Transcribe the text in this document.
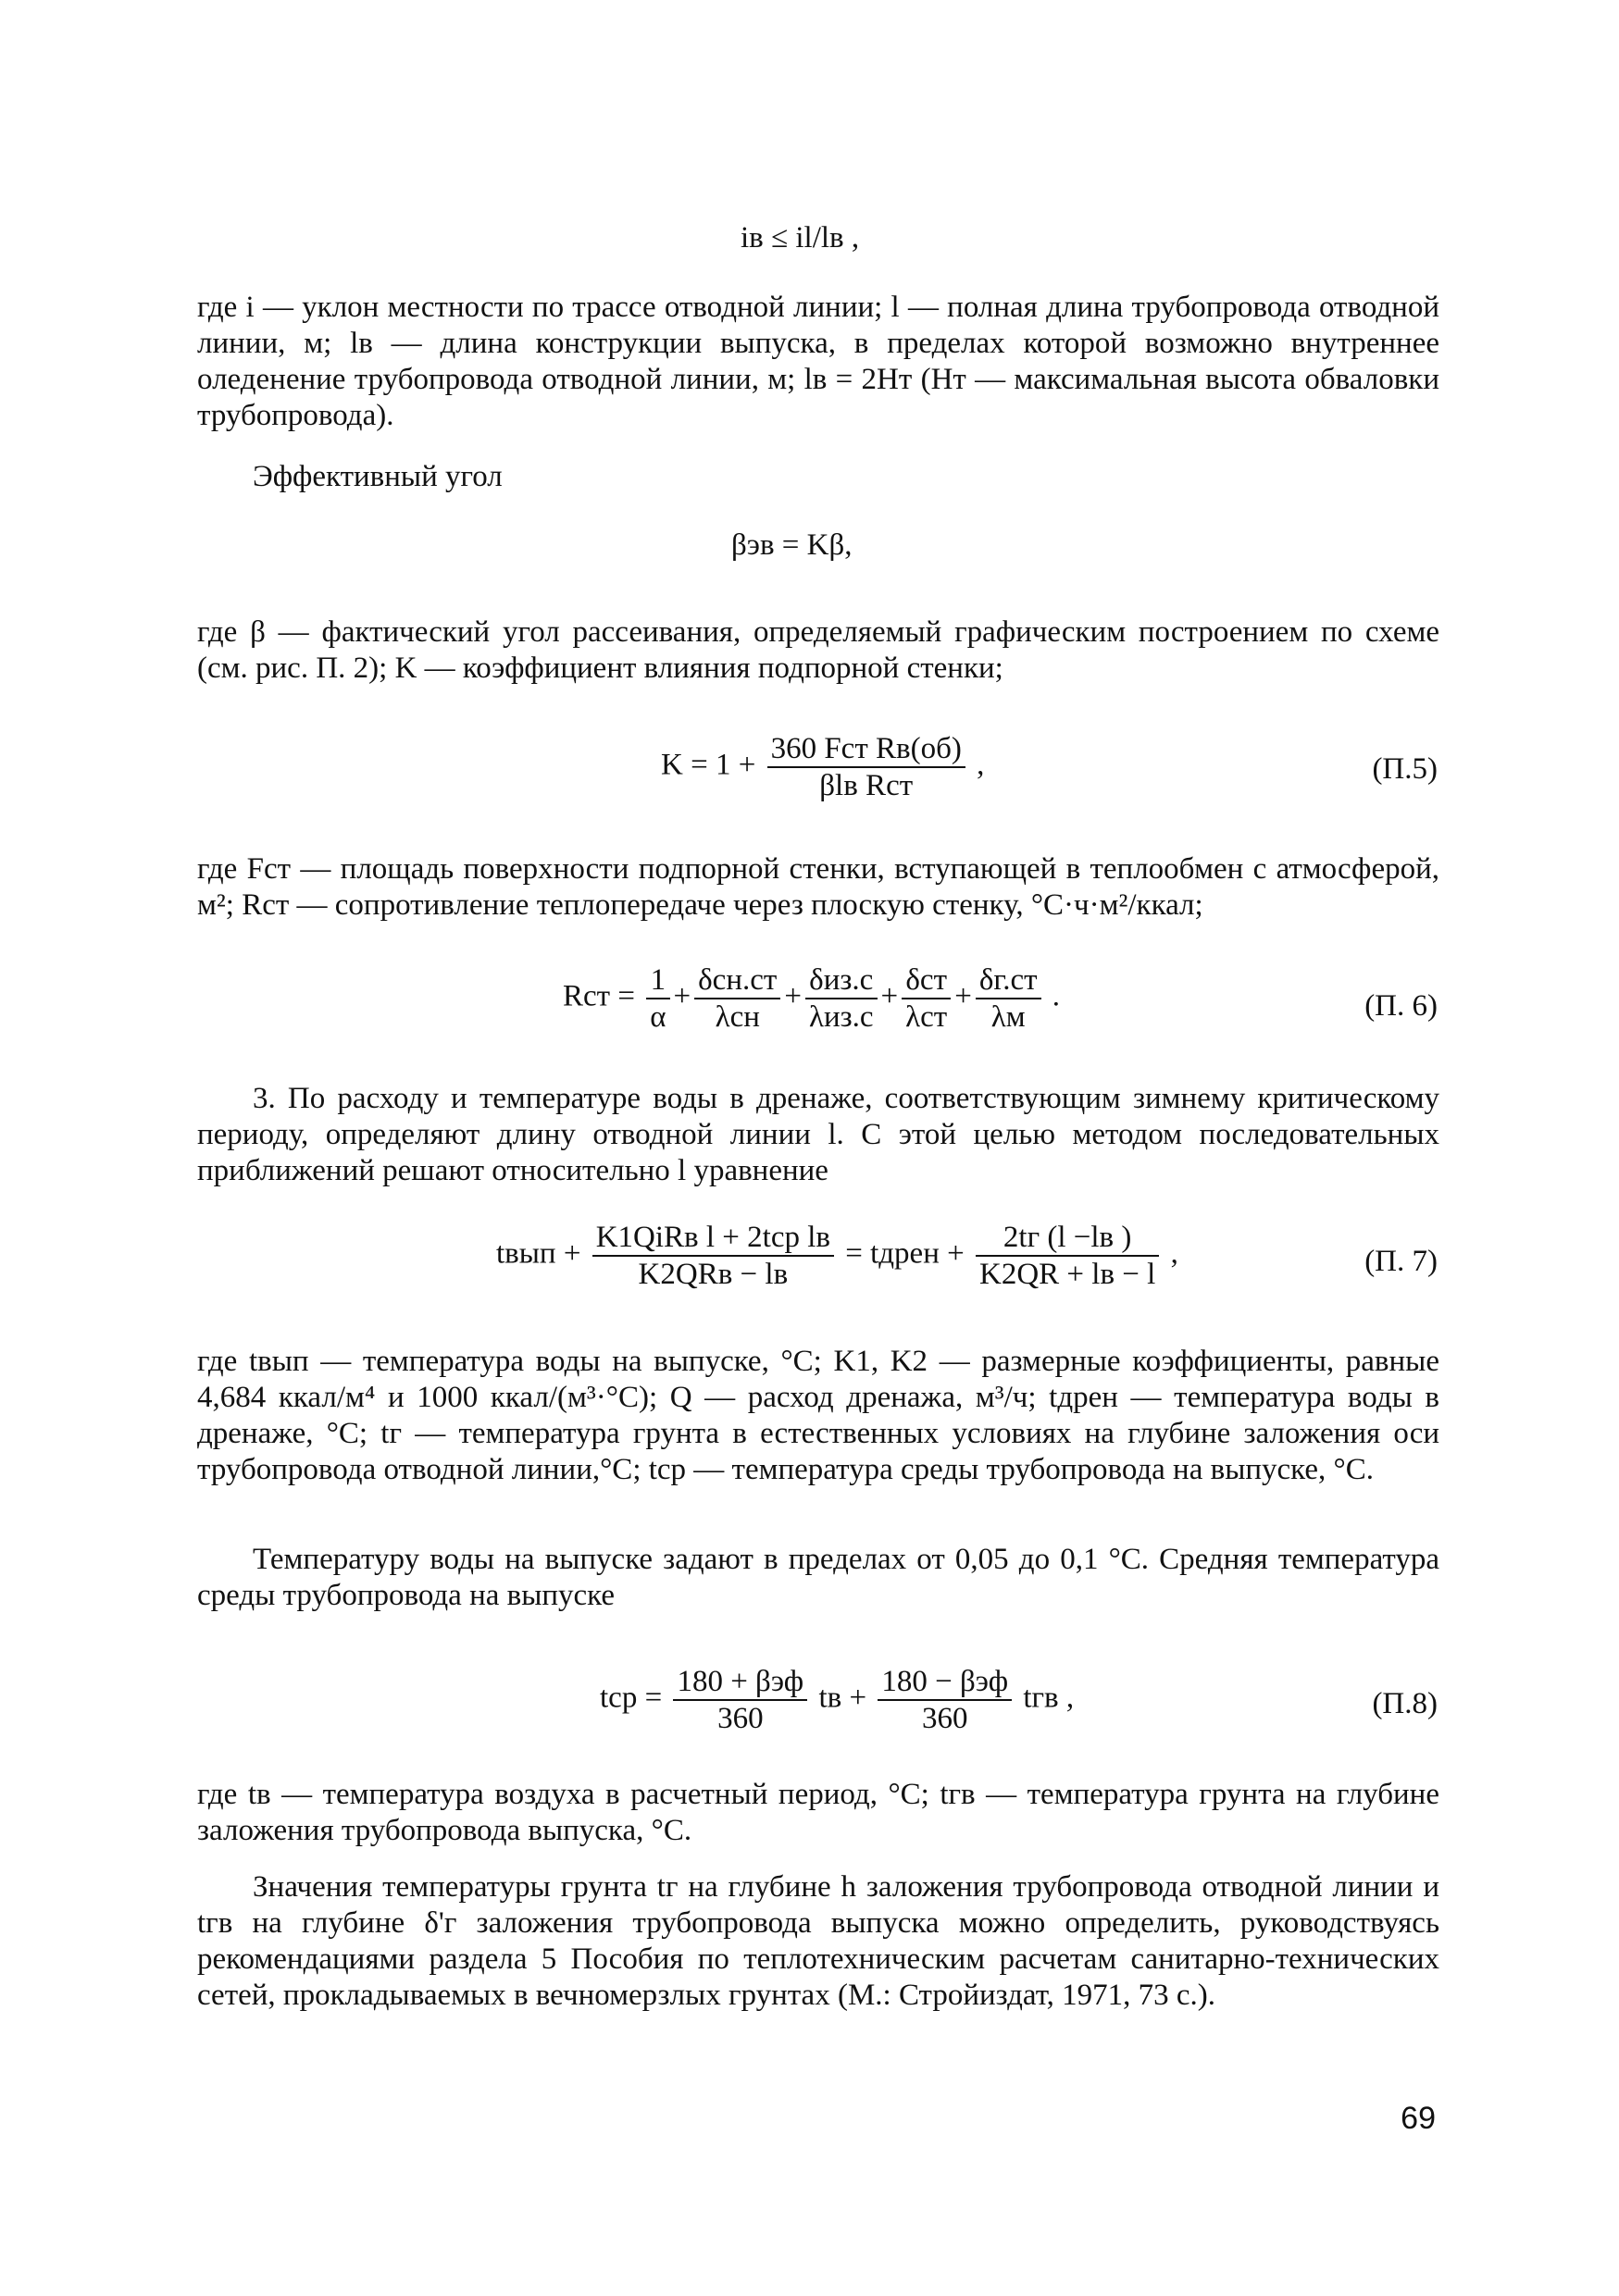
iв ≤ il/lв ,
где i — уклон местности по трассе отводной линии; l — полная длина трубопровода отводной линии, м; lв — длина конструкции выпуска, в пределах которой возможно внутреннее оледенение трубопровода отводной линии, м; lв = 2Hт (Hт — максимальная высота обваловки трубопровода).
Эффективный угол
βэв = Kβ,
где β — фактический угол рассеивания, определяемый графическим построением по схеме (см. рис. П. 2); K — коэффициент влияния подпорной стенки;
$K = 1 + \frac{\text{360 Fст Rв(об)}}{\text{βlв Rст}}$ ,	(П.5)
где Fст — площадь поверхности подпорной стенки, вступающей в теплообмен с атмосферой, м²; Rст — сопротивление теплопередаче через плоскую стенку, °С·ч·м²/ккал;
Rст = $\frac{1}{\alpha} + \frac{\text{δсн.ст}}{\text{λсн}} + \frac{\text{δиз.с}}{\text{λиз.с}} + \frac{\text{δст}}{\text{λст}} + \frac{\delta г.ст}{\lambda м}$ .	(П. 6)
3. По расходу и температуре воды в дренаже, соответствующим зимнему критическому периоду, определяют длину отводной линии l. С этой целью методом последовательных приближений решают относительно l уравнение
tвып + $\frac{\text{K1QiRв l + 2tср lв}}{\text{K2QRв − lв}}$ = tдрен + $\frac{2tг (l -lв )}{K2QR + lв - l}$ ,	(П. 7)
где tвып — температура воды на выпуске, °С; K1, K2 — размерные коэффициенты, равные 4,684 ккал/м⁴ и 1000 ккал/(м³·°С); Q — расход дренажа, м³/ч; tдрен — температура воды в дренаже, °С; tг — температура грунта в естественных условиях на глубине заложения оси трубопровода отводной линии,°С; tср — температура среды трубопровода на выпуске, °С.
Температуру воды на выпуске задают в пределах от 0,05 до 0,1 °С. Средняя температура среды трубопровода на выпуске
tср = $\frac{\text{180 + βэф}}{360}$ tв + $\frac{\text{180 − βэф}}{360}$ tгв ,	(П.8)
где tв — температура воздуха в расчетный период, °С; tгв — температура грунта на глубине заложения трубопровода выпуска, °С.
Значения температуры грунта tг на глубине h заложения трубопровода отводной линии и tгв на глубине δ'г заложения трубопровода выпуска можно определить, руководствуясь рекомендациями раздела 5 Пособия по теплотехническим расчетам санитарно-технических сетей, прокладываемых в вечномерзлых грунтах (М.: Стройиздат, 1971, 73 с.).
69
